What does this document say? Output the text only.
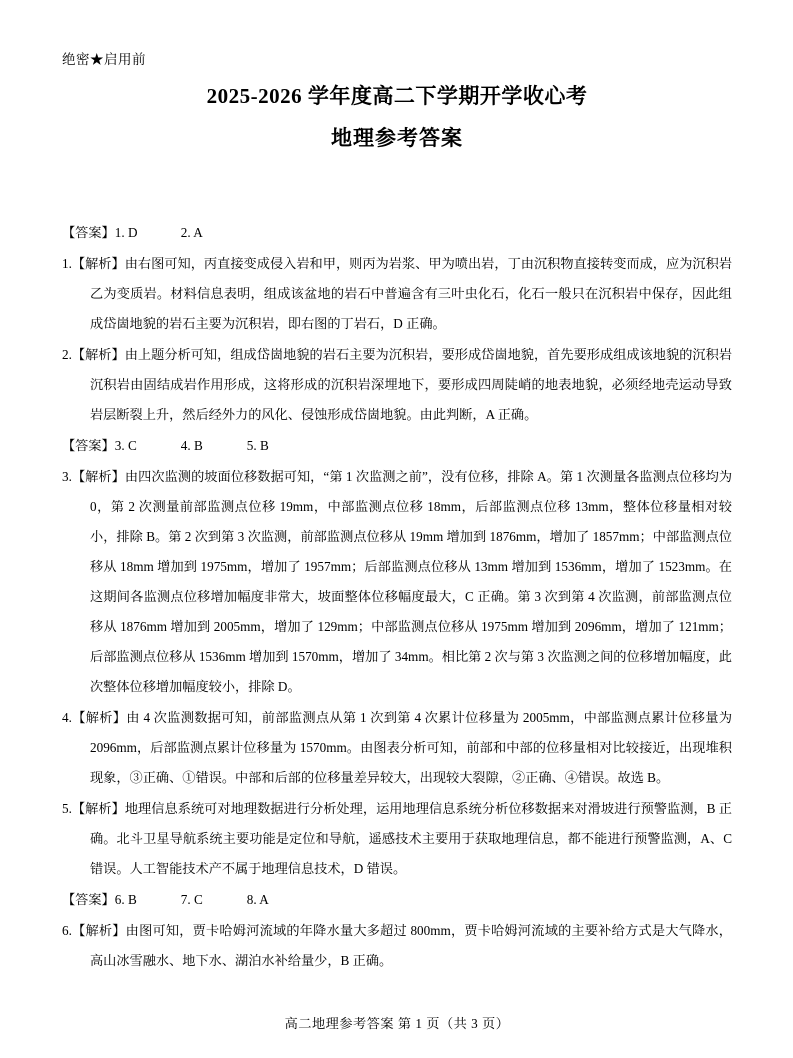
绝密★启用前
2025-2026 学年度高二下学期开学收心考
地理参考答案
【答案】1. D	2. A
1.【解析】由右图可知，丙直接变成侵入岩和甲，则丙为岩浆、甲为喷出岩，丁由沉积物直接转变而成，应为沉积岩乙为变质岩。材料信息表明，组成该盆地的岩石中普遍含有三叶虫化石，化石一般只在沉积岩中保存，因此组成岱崮地貌的岩石主要为沉积岩，即右图的丁岩石，D 正确。
2.【解析】由上题分析可知，组成岱崮地貌的岩石主要为沉积岩，要形成岱崮地貌，首先要形成组成该地貌的沉积岩沉积岩由固结成岩作用形成，这将形成的沉积岩深埋地下，要形成四周陡峭的地表地貌，必须经地壳运动导致岩层断裂上升，然后经外力的风化、侵蚀形成岱崮地貌。由此判断，A 正确。
【答案】3. C	4. B	5. B
3.【解析】由四次监测的坡面位移数据可知，“第 1 次监测之前”，没有位移，排除 A。第 1 次测量各监测点位移均为 0，第 2 次测量前部监测点位移 19mm，中部监测点位移 18mm，后部监测点位移 13mm，整体位移量相对较小，排除 B。第 2 次到第 3 次监测，前部监测点位移从 19mm 增加到 1876mm，增加了 1857mm；中部监测点位移从 18mm 增加到 1975mm，增加了 1957mm；后部监测点位移从 13mm 增加到 1536mm，增加了 1523mm。在这期间各监测点位移增加幅度非常大，坡面整体位移幅度最大，C 正确。第 3 次到第 4 次监测，前部监测点位移从 1876mm 增加到 2005mm，增加了 129mm；中部监测点位移从 1975mm 增加到 2096mm，增加了 121mm；后部监测点位移从 1536mm 增加到 1570mm，增加了 34mm。相比第 2 次与第 3 次监测之间的位移增加幅度，此次整体位移增加幅度较小，排除 D。
4.【解析】由 4 次监测数据可知，前部监测点从第 1 次到第 4 次累计位移量为 2005mm，中部监测点累计位移量为 2096mm，后部监测点累计位移量为 1570mm。由图表分析可知，前部和中部的位移量相对比较接近，出现堆积现象，③正确、①错误。中部和后部的位移量差异较大，出现较大裂隙，②正确、④错误。故选 B。
5.【解析】地理信息系统可对地理数据进行分析处理，运用地理信息系统分析位移数据来对滑坡进行预警监测，B 正确。北斗卫星导航系统主要功能是定位和导航，遥感技术主要用于获取地理信息，都不能进行预警监测，A、C 错误。人工智能技术产不属于地理信息技术，D 错误。
【答案】6. B	7. C	8. A
6.【解析】由图可知，贾卡哈姆河流域的年降水量大多超过 800mm，贾卡哈姆河流域的主要补给方式是大气降水，高山冰雪融水、地下水、湖泊水补给量少，B 正确。
高二地理参考答案 第 1 页（共 3 页）
